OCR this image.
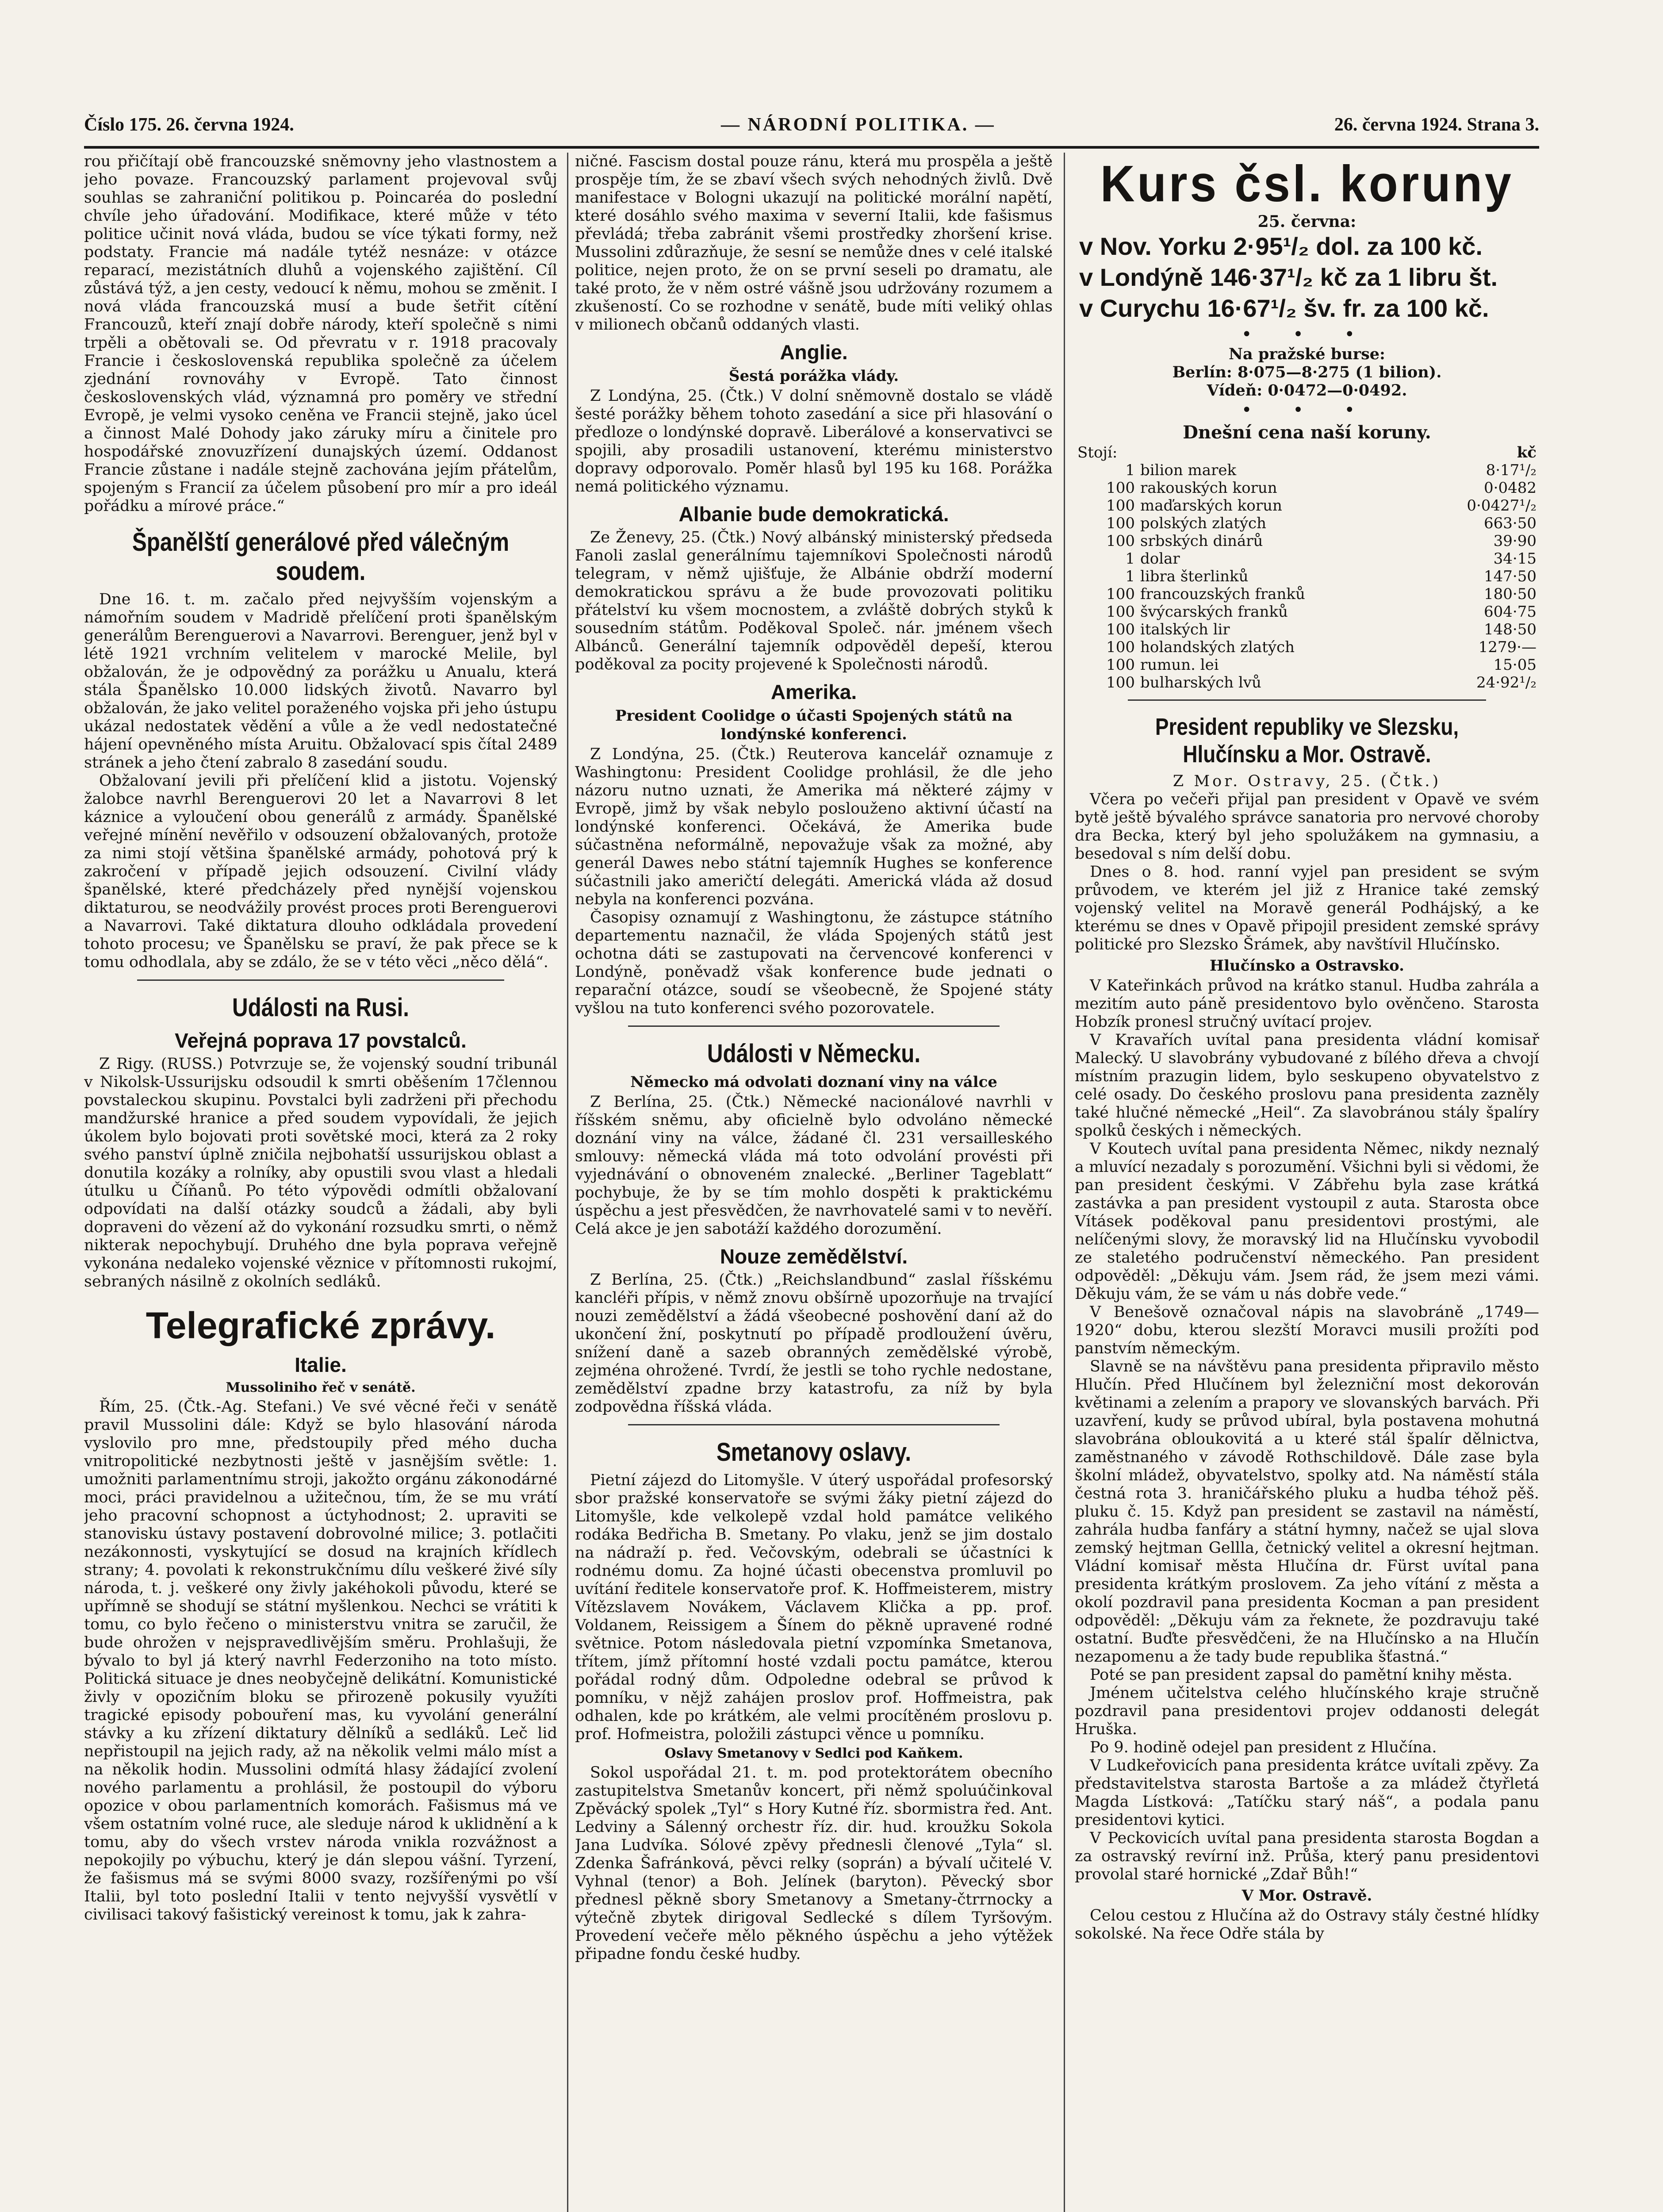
Číslo 175. 26. června 1924.	— NÁRODNÍ POLITIKA. —	26. června 1924. Strana 3.

rou přičítají obě francouzské sněmovny jeho vlastnostem a jeho povaze. Francouzský parlament projevoval svůj souhlas se zahraniční politikou p. Poincaréa do poslední chvíle jeho úřadování. Modifikace, které může v této politice učinit nová vláda, budou se více týkati formy, než podstaty. Francie má nadále tytéž nesnáze: v otázce reparací, mezistátních dluhů a vojenského zajištění. Cíl zůstává týž, a jen cesty, vedoucí k němu, mohou se změnit. I nová vláda francouzská musí a bude šetřit cítění Francouzů, kteří znají dobře národy, kteří společně s nimi trpěli a obětovali se. Od převratu v r. 1918 pracovaly Francie i československá republika společně za účelem zjednání rovnováhy v Evropě. Tato činnost československých vlád, významná pro poměry ve střední Evropě, je velmi vysoko ceněna ve Francii stejně, jako úcel a činnost Malé Dohody jako záruky míru a činitele pro hospodářské znovuzřízení dunajských území. Oddanost Francie zůstane i nadále stejně zachována jejím přátelům, spojeným s Francií za účelem působení pro mír a pro ideál pořádku a mírové práce.“

Španělští generálové před válečným soudem.

Dne 16. t. m. začalo před nejvyšším vojenským a námořním soudem v Madridě přelíčení proti španělským generálům Berenguerovi a Navarrovi. Berenguer, jenž byl v létě 1921 vrchním velitelem v marocké Melile, byl obžalován, že je odpovědný za porážku u Anualu, která stála Španělsko 10.000 lidských životů. Navarro byl obžalován, že jako velitel poraženého vojska při jeho ústupu ukázal nedostatek vědění a vůle a že vedl nedostatečné hájení opevněného místa Aruitu. Obžalovací spis čítal 2489 stránek a jeho čtení zabralo 8 zasedání soudu.

Obžalovaní jevili při přelíčení klid a jistotu. Vojenský žalobce navrhl Berenguerovi 20 let a Navarrovi 8 let káznice a vyloučení obou generálů z armády. Španělské veřejné mínění nevěřilo v odsouzení obžalovaných, protože za nimi stojí většina španělské armády, pohotová prý k zakročení v případě jejich odsouzení. Civilní vlády španělské, které předcházely před nynější vojenskou diktaturou, se neodvážily provést proces proti Berenguerovi a Navarrovi. Také diktatura dlouho odkládala provedení tohoto procesu; ve Španělsku se praví, že pak přece se k tomu odhodlala, aby se zdálo, že se v této věci „něco dělá“.

Události na Rusi.
Veřejná poprava 17 povstalců.

Z Rigy. (RUSS.) Potvrzuje se, že vojenský soudní tribunál v Nikolsk-Ussurijsku odsoudil k smrti oběšením 17člennou povstaleckou skupinu. Povstalci byli zadrženi při přechodu mandžurské hranice a před soudem vypovídali, že jejich úkolem bylo bojovati proti sovětské moci, která za 2 roky svého panství úplně zničila nejbohatší ussurijskou oblast a donutila kozáky a rolníky, aby opustili svou vlast a hledali útulku u Číňanů. Po této výpovědi odmítli obžalovaní odpovídati na další otázky soudců a žádali, aby byli dopraveni do vězení až do vykonání rozsudku smrti, o němž nikterak nepochybují. Druhého dne byla poprava veřejně vykonána nedaleko vojenské věznice v přítomnosti rukojmí, sebraných násilně z okolních sedláků.

Telegrafické zprávy.
Italie.
Mussoliniho řeč v senátě.

Řím, 25. (Čtk.-Ag. Stefani.) Ve své věcné řeči v senátě pravil Mussolini dále: Když se bylo hlasování národa vyslovilo pro mne, předstoupily před mého ducha vnitropolitické nezbytnosti ještě v jasnějším světle: 1. umožniti parlamentnímu stroji, jakožto orgánu zákonodárné moci, práci pravidelnou a užitečnou, tím, že se mu vrátí jeho pracovní schopnost a úctyhodnost; 2. upraviti se stanovisku ústavy postavení dobrovolné milice; 3. potlačiti nezákonnosti, vyskytující se dosud na krajních křídlech strany; 4. povolati k rekonstrukčnímu dílu veškeré živé síly národa, t. j. veškeré ony živly jakéhokoli původu, které se upřímně se shodují se státní myšlenkou. Nechci se vrátiti k tomu, co bylo řečeno o ministerstvu vnitra se zaručil, že bude ohrožen v nejspravedlivějším směru. Prohlašuji, že bývalo to byl já který navrhl Federzoniho na toto místo. Politická situace je dnes neobyčejně delikátní. Komunistické živly v opozičním bloku se přirozeně pokusily využíti tragické episody pobouření mas, ku vyvolání generální stávky a ku zřízení diktatury dělníků a sedláků. Leč lid nepřistoupil na jejich rady, až na několik velmi málo míst a na několik hodin. Mussolini odmítá hlasy žádající zvolení nového parlamentu a prohlásil, že postoupil do výboru opozice v obou parlamentních komorách. Fašismus má ve všem ostatním volné ruce, ale sleduje národ k uklidnění a k tomu, aby do všech vrstev národa vnikla rozvážnost a nepokojily po výbuchu, který je dán slepou vášní. Tyrzení, že fašismus má se svými 8000 svazy, rozšířenými po vší Italii, byl toto poslední Italii v tento nejvyšší vysvětlí v civilisaci takový fašistický vereinost k tomu, jak k zahra-

ničné. Fascism dostal pouze ránu, která mu prospěla a ještě prospěje tím, že se zbaví všech svých nehodných živlů. Dvě manifestace v Bologni ukazují na politické morální napětí, které dosáhlo svého maxima v severní Italii, kde fašismus převládá; třeba zabránit všemi prostředky zhoršení krise. Mussolini zdůrazňuje, že sesní se nemůže dnes v celé italské politice, nejen proto, že on se první seseli po dramatu, ale také proto, že v něm ostré vášně jsou udržovány rozumem a zkušeností. Co se rozhodne v senátě, bude míti veliký ohlas v milionech občanů oddaných vlasti.

Anglie.
Šestá porážka vlády.

Z Londýna, 25. (Čtk.) V dolní sněmovně dostalo se vládě šesté porážky během tohoto zasedání a sice při hlasování o předloze o londýnské dopravě. Liberálové a konservativci se spojili, aby prosadili ustanovení, kterému ministerstvo dopravy odporovalo. Poměr hlasů byl 195 ku 168. Porážka nemá politického významu.

Albanie bude demokratická.

Ze Ženevy, 25. (Čtk.) Nový albánský ministerský předseda Fanoli zaslal generálnímu tajemníkovi Společnosti národů telegram, v němž ujišťuje, že Albánie obdrží moderní demokratickou správu a že bude provozovati politiku přátelství ku všem mocnostem, a zvláště dobrých styků k sousedním státům. Poděkoval Společ. nár. jménem všech Albánců. Generální tajemník odpověděl depeší, kterou poděkoval za pocity projevené k Společnosti národů.

Amerika.
President Coolidge o účasti Spojených států na londýnské konferenci.

Z Londýna, 25. (Čtk.) Reuterova kancelář oznamuje z Washingtonu: President Coolidge prohlásil, že dle jeho názoru nutno uznati, že Amerika má některé zájmy v Evropě, jimž by však nebylo poslouženo aktivní účastí na londýnské konferenci. Očekává, že Amerika bude súčastněna neformálně, nepovažuje však za možné, aby generál Dawes nebo státní tajemník Hughes se konference súčastnili jako američtí delegáti. Americká vláda až dosud nebyla na konferenci pozvána.

Časopisy oznamují z Washingtonu, že zástupce státního departementu naznačil, že vláda Spojených států jest ochotna dáti se zastupovati na červencové konferenci v Londýně, poněvadž však konference bude jednati o reparační otázce, soudí se všeobecně, že Spojené státy vyšlou na tuto konferenci svého pozorovatele.

Události v Německu.
Německo má odvolati doznaní viny na válce

Z Berlína, 25. (Čtk.) Německé nacionálové navrhli v říšském sněmu, aby oficielně bylo odvoláno německé doznání viny na válce, žádané čl. 231 versailleského smlouvy: německá vláda má toto odvolání provésti při vyjednávání o obnoveném znalecké. „Berliner Tageblatt“ pochybuje, že by se tím mohlo dospěti k praktickému úspěchu a jest přesvědčen, že navrhovatelé sami v to nevěří. Celá akce je jen sabotáží každého dorozumění.

Nouze zemědělství.

Z Berlína, 25. (Čtk.) „Reichslandbund“ zaslal říšskému kancléři přípis, v němž znovu obšírně upozorňuje na trvající nouzi zemědělství a žádá všeobecné poshovění daní až do ukončení žní, poskytnutí po případě prodloužení úvěru, snížení daně a sazeb obranných zemědělské výrobě, zejména ohrožené. Tvrdí, že jestli se toho rychle nedostane, zemědělství zpadne brzy katastrofu, za níž by byla zodpovědna říšská vláda.

Smetanovy oslavy.

Pietní zájezd do Litomyšle. V úterý uspořádal profesorský sbor pražské konservatoře se svými žáky pietní zájezd do Litomyšle, kde velkolepě vzdal hold památce velikého rodáka Bedřicha B. Smetany. Po vlaku, jenž se jim dostalo na nádraží p. řed. Večovským, odebrali se účastníci k rodnému domu. Za hojné účasti obecenstva promluvil po uvítání ředitele konservatoře prof. K. Hoffmeisterem, mistry Vítězslavem Novákem, Václavem Klička a pp. prof. Voldanem, Reissigem a Šínem do pěkně upravené rodné světnice. Potom následovala pietní vzpomínka Smetanova, třítem, jímž přítomní hosté vzdali poctu památce, kterou pořádal rodný dům. Odpoledne odebral se průvod k pomníku, v nějž zahájen proslov prof. Hoffmeistra, pak odhalen, kde po krátkém, ale velmi procítěném proslovu p. prof. Hofmeistra, položili zástupci věnce u pomníku.

Oslavy Smetanovy v Sedlci pod Kaňkem.

Sokol uspořádal 21. t. m. pod protektorátem obecního zastupitelstva Smetanův koncert, při němž spoluúčinkoval Zpěvácký spolek „Tyl“ s Hory Kutné říz. sbormistra řed. Ant. Ledviny a Sálenný orchestr říz. dir. hud. kroužku Sokola Jana Ludvíka. Sólové zpěvy přednesli členové „Tyla“ sl. Zdenka Šafránková, pěvci relky (soprán) a bývalí učitelé V. Vyhnal (tenor) a Boh. Jelínek (baryton). Pěvecký sbor přednesl pěkně sbory Smetanovy a Smetany-čtrrnocky a výtečně zbytek dirigoval Sedlecké s dílem Tyršovým. Provedení večeře mělo pěkného úspěchu a jeho výtěžek připadne fondu české hudby.

Kurs čsl. koruny
25. června:
v Nov. Yorku 2·95¹/₂ dol. za 100 kč.
v Londýně 146·37¹/₂ kč za 1 libru št.
v Curychu 16·67¹/₂ šv. fr. za 100 kč.
• • •

Na pražské burse:

Berlín: 8·075—8·275 (1 bilion).

Vídeň: 0·0472—0·0492.

• • •
Dnešní cena naší koruny.
Stojí:		kč
1	bilion marek	8·17¹/₂
100	rakouských korun	0·0482
100	maďarských korun	0·0427¹/₂
100	polských zlatých	663·50
100	srbských dinárů	39·90
1	dolar	34·15
1	libra šterlinků	147·50
100	francouzských franků	180·50
100	švýcarských franků	604·75
100	italských lir	148·50
100	holandských zlatých	1279·—
100	rumun. lei	15·05
100	bulharských lvů	24·92¹/₂
President republiky ve Slezsku, Hlučínsku a Mor. Ostravě.

Z Mor. Ostravy, 25. (Čtk.)

Včera po večeři přijal pan president v Opavě ve svém bytě ještě bývalého správce sanatoria pro nervové choroby dra Becka, který byl jeho spolužákem na gymnasiu, a besedoval s ním delší dobu.

Dnes o 8. hod. ranní vyjel pan president se svým průvodem, ve kterém jel již z Hranice také zemský vojenský velitel na Moravě generál Podhájský, a ke kterému se dnes v Opavě připojil president zemské správy politické pro Slezsko Šrámek, aby navštívil Hlučínsko.

Hlučínsko a Ostravsko.

V Kateřinkách průvod na krátko stanul. Hudba zahrála a mezitím auto páně presidentovo bylo ověnčeno. Starosta Hobzík pronesl stručný uvítací projev.

V Kravařích uvítal pana presidenta vládní komisař Malecký. U slavobrány vybudované z bílého dřeva a chvojí místním prazugin lidem, bylo seskupeno obyvatelstvo z celé osady. Do českého proslovu pana presidenta zazněly také hlučné německé „Heil“. Za slavobránou stály špalíry spolků českých i německých.

V Koutech uvítal pana presidenta Němec, nikdy neznalý a mluvící nezadaly s porozumění. Všichni byli si vědomi, že pan president českými. V Zábřehu byla zase krátká zastávka a pan president vystoupil z auta. Starosta obce Vításek poděkoval panu presidentovi prostými, ale nelíčenými slovy, že moravský lid na Hlučínsku vyvobodil ze staletého područenství německého. Pan president odpověděl: „Děkuju vám. Jsem rád, že jsem mezi vámi. Děkuju vám, že se vám u nás dobře vede.“

V Benešově označoval nápis na slavobráně „1749—1920“ dobu, kterou slezští Moravci musili prožíti pod panstvím německým.

Slavně se na návštěvu pana presidenta připravilo město Hlučín. Před Hlučínem byl železniční most dekorován květinami a zelením a prapory ve slovanských barvách. Při uzavření, kudy se průvod ubíral, byla postavena mohutná slavobrána obloukovitá a u které stál špalír dělnictva, zaměstnaného v závodě Rothschildově. Dále zase byla školní mládež, obyvatelstvo, spolky atd. Na náměstí stála čestná rota 3. hraničářského pluku a hudba téhož pěš. pluku č. 15. Když pan president se zastavil na náměstí, zahrála hudba fanfáry a státní hymny, načež se ujal slova zemský hejtman Gellla, četnický velitel a okresní hejtman. Vládní komisař města Hlučína dr. Fürst uvítal pana presidenta krátkým proslovem. Za jeho vítání z města a okolí pozdravil pana presidenta Kocman a pan president odpověděl: „Děkuju vám za řeknete, že pozdravuju také ostatní. Buďte přesvědčeni, že na Hlučínsko a na Hlučín nezapomenu a že tady bude republika šťastná.“

Poté se pan president zapsal do pamětní knihy města.

Jménem učitelstva celého hlučínského kraje stručně pozdravil pana presidentovi projev oddanosti delegát Hruška.

Po 9. hodině odejel pan president z Hlučína.

V Ludkeřovicích pana presidenta krátce uvítali zpěvy. Za představitelstva starosta Bartoše a za mládež čtyřletá Magda Lístková: „Tatíčku starý náš“, a podala panu presidentovi kytici.

V Peckovicích uvítal pana presidenta starosta Bogdan a za ostravský revírní inž. Průša, který panu presidentovi provolal staré hornické „Zdař Bůh!“

V Mor. Ostravě.

Celou cestou z Hlučína až do Ostravy stály čestné hlídky sokolské. Na řece Odře stála by
